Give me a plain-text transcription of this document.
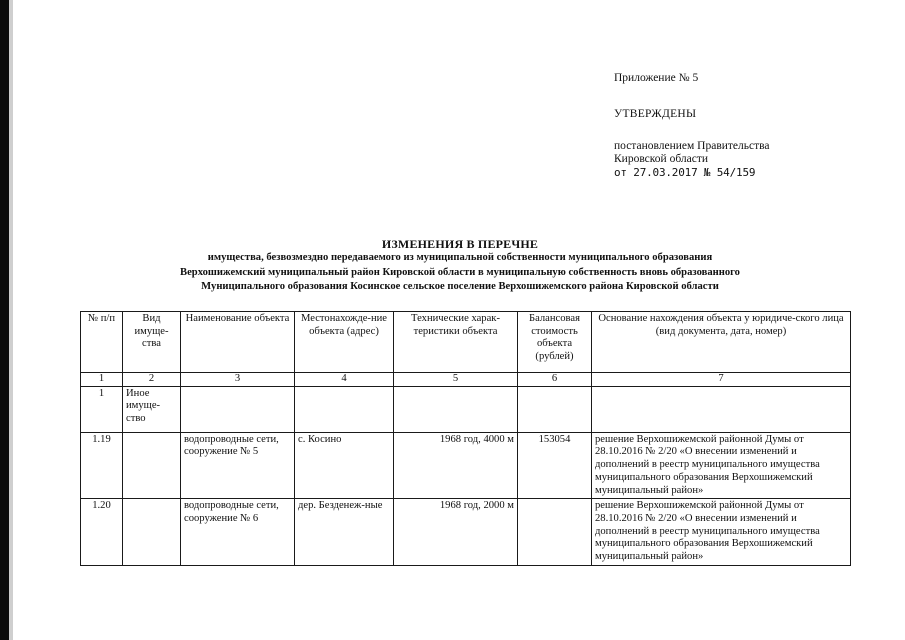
Приложение № 5
УТВЕРЖДЕНЫ
постановлением Правительства
Кировской области
от 27.03.2017 № 54/159
ИЗМЕНЕНИЯ В ПЕРЕЧНЕ
имущества, безвозмездно передаваемого из муниципальной собственности муниципального образования
Верхошижемский муниципальный район Кировской области в муниципальную собственность вновь образованного
Муниципального образования Косинское сельское поселение Верхошижемского района Кировской области
№ п/п	Вид имуще-ства	Наименование объекта	Местонахожде-ние объекта (адрес)	Технические харак-теристики объекта	Балансовая стоимость объекта (рублей)	Основание нахождения объекта у юридиче-ского лица (вид документа, дата, номер)
1	2	3	4	5	6	7
1	Иное имуще-ство					
1.19		водопроводные сети, сооружение № 5	с. Косино	1968 год, 4000 м	153054	решение Верхошижемской районной Думы от 28.10.2016 № 2/20 «О внесении изменений и дополнений в реестр муниципального имущества муниципального образования Верхошижемский муниципальный район»
1.20		водопроводные сети, сооружение № 6	дер. Безденеж-ные	1968 год, 2000 м		решение Верхошижемской районной Думы от 28.10.2016 № 2/20 «О внесении изменений и дополнений в реестр муниципального имущества муниципального образования Верхошижемский муниципальный район»
